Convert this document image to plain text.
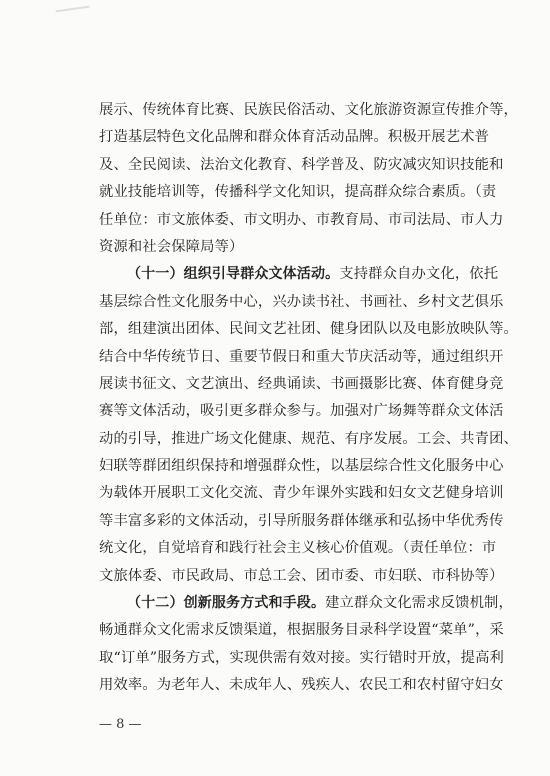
展示、传统体育比赛、民族民俗活动、文化旅游资源宣传推介等，
打造基层特色文化品牌和群众体育活动品牌。积极开展艺术普
及、全民阅读、法治文化教育、科学普及、防灾减灾知识技能和
就业技能培训等，传播科学文化知识，提高群众综合素质。（责
任单位：市文旅体委、市文明办、市教育局、市司法局、市人力
资源和社会保障局等）
（十一）组织引导群众文体活动。支持群众自办文化，依托
基层综合性文化服务中心，兴办读书社、书画社、乡村文艺俱乐
部，组建演出团体、民间文艺社团、健身团队以及电影放映队等。
结合中华传统节日、重要节假日和重大节庆活动等，通过组织开
展读书征文、文艺演出、经典诵读、书画摄影比赛、体育健身竞
赛等文体活动，吸引更多群众参与。加强对广场舞等群众文体活
动的引导，推进广场文化健康、规范、有序发展。工会、共青团、
妇联等群团组织保持和增强群众性，以基层综合性文化服务中心
为载体开展职工文化交流、青少年课外实践和妇女文艺健身培训
等丰富多彩的文体活动，引导所服务群体继承和弘扬中华优秀传
统文化，自觉培育和践行社会主义核心价值观。（责任单位：市
文旅体委、市民政局、市总工会、团市委、市妇联、市科协等）
（十二）创新服务方式和手段。建立群众文化需求反馈机制，
畅通群众文化需求反馈渠道，根据服务目录科学设置“菜单”，采
取“订单”服务方式，实现供需有效对接。实行错时开放，提高利
用效率。为老年人、未成年人、残疾人、农民工和农村留守妇女
— 8 —
